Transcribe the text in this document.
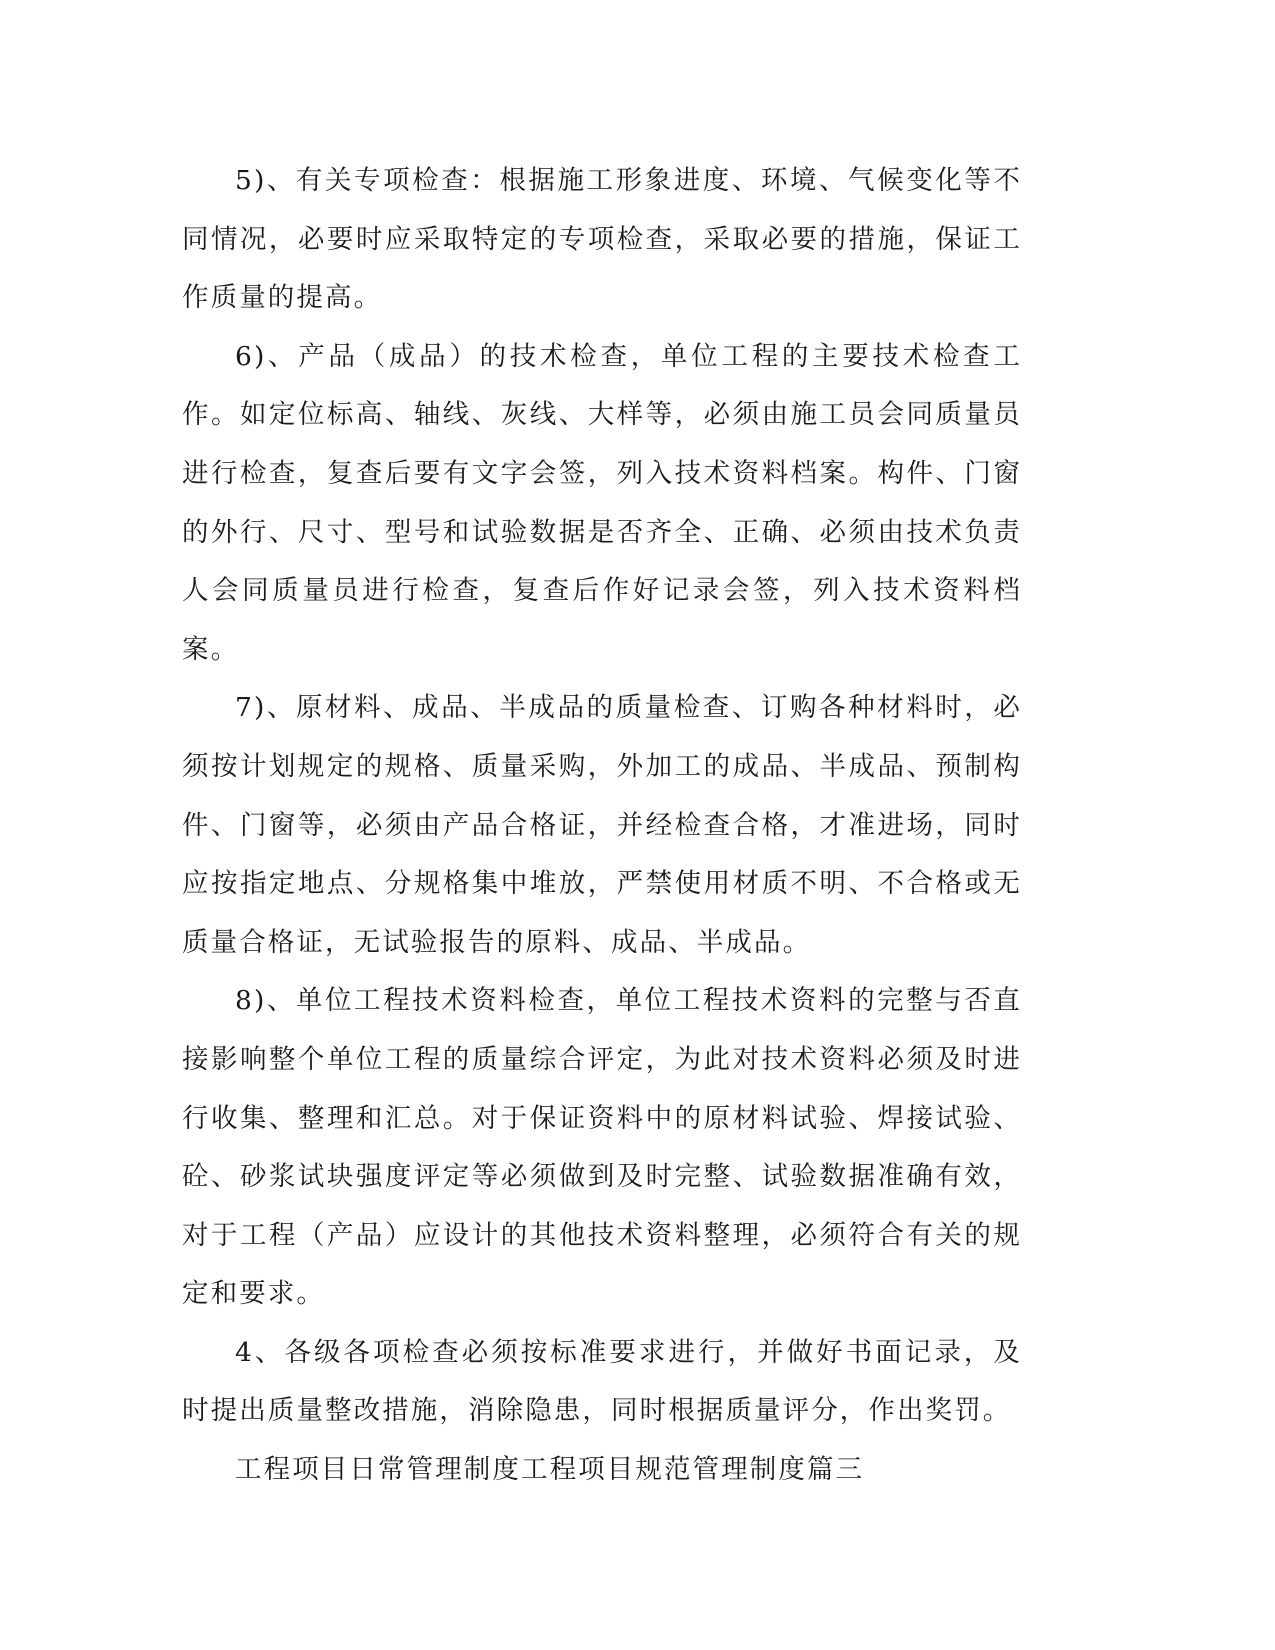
5)、有关专项检查：根据施工形象进度、环境、气候变化等不同情况，必要时应采取特定的专项检查，采取必要的措施，保证工作质量的提高。

6)、产品（成品）的技术检查，单位工程的主要技术检查工作。如定位标高、轴线、灰线、大样等，必须由施工员会同质量员进行检查，复查后要有文字会签，列入技术资料档案。构件、门窗的外行、尺寸、型号和试验数据是否齐全、正确、必须由技术负责人会同质量员进行检查，复查后作好记录会签，列入技术资料档案。

7)、原材料、成品、半成品的质量检查、订购各种材料时，必须按计划规定的规格、质量采购，外加工的成品、半成品、预制构件、门窗等，必须由产品合格证，并经检查合格，才准进场，同时应按指定地点、分规格集中堆放，严禁使用材质不明、不合格或无质量合格证，无试验报告的原料、成品、半成品。

8)、单位工程技术资料检查，单位工程技术资料的完整与否直接影响整个单位工程的质量综合评定，为此对技术资料必须及时进行收集、整理和汇总。对于保证资料中的原材料试验、焊接试验、砼、砂浆试块强度评定等必须做到及时完整、试验数据准确有效，对于工程（产品）应设计的其他技术资料整理，必须符合有关的规定和要求。

4、各级各项检查必须按标准要求进行，并做好书面记录，及时提出质量整改措施，消除隐患，同时根据质量评分，作出奖罚。

工程项目日常管理制度工程项目规范管理制度篇三
